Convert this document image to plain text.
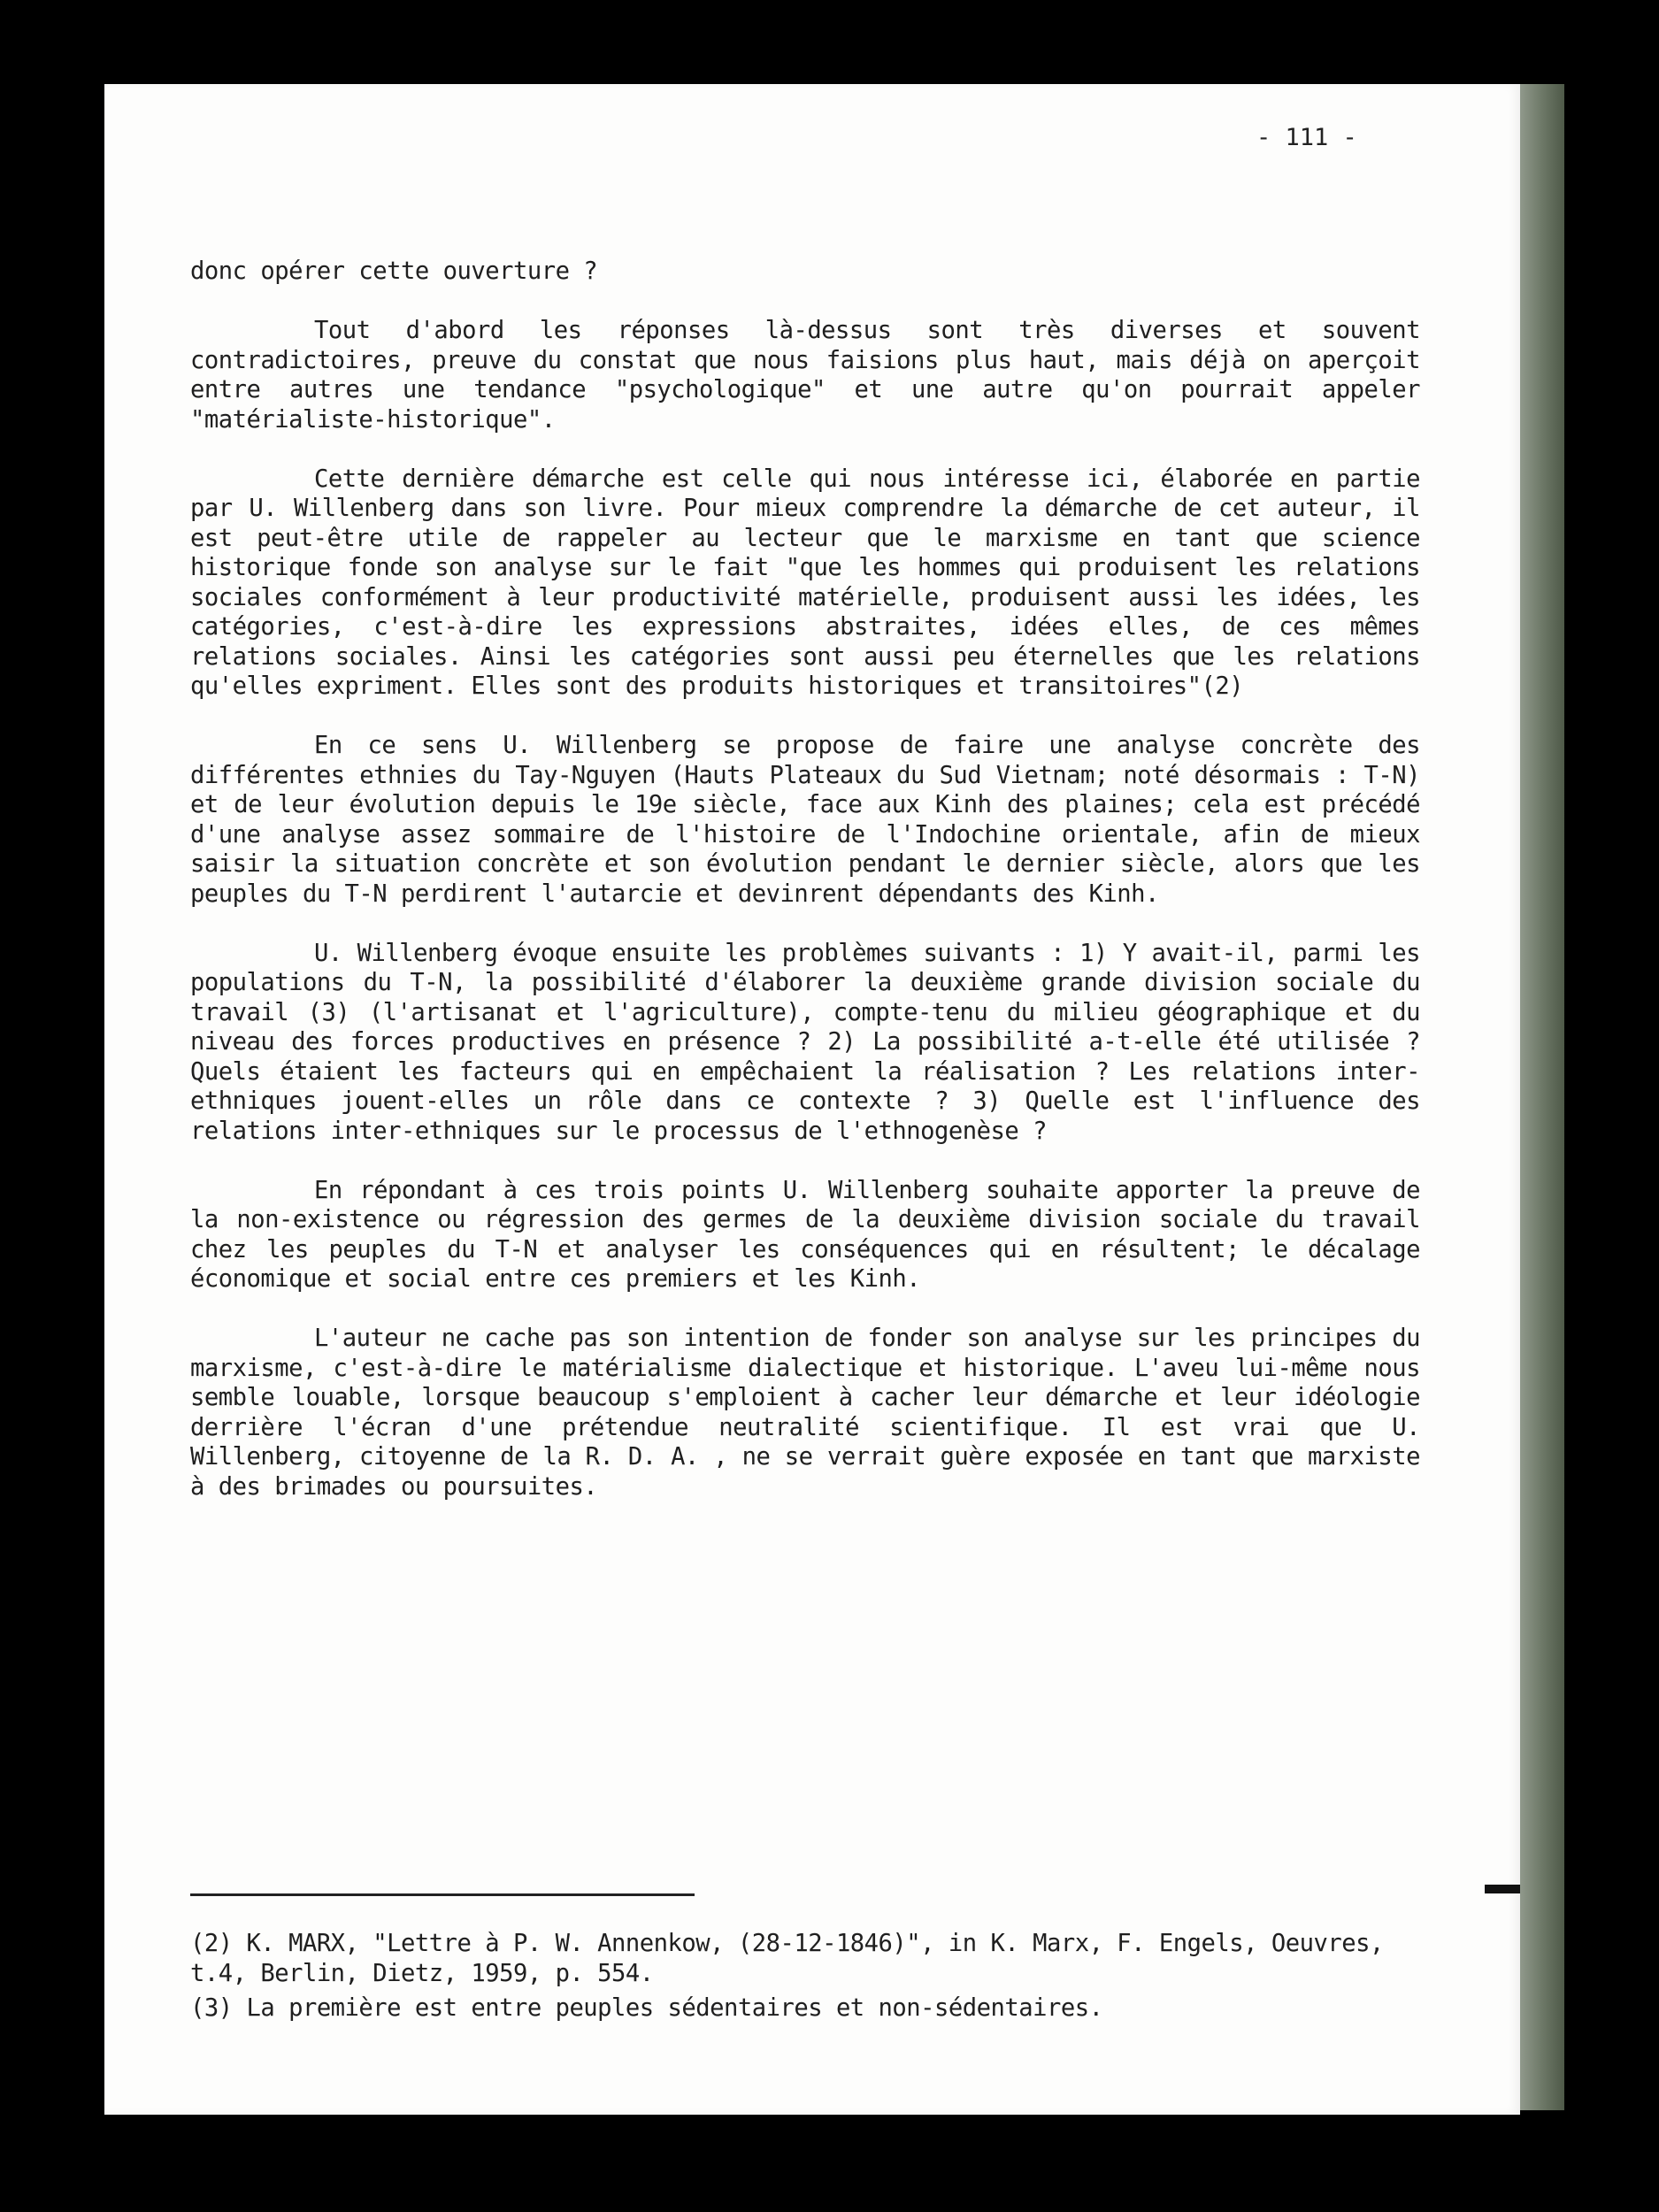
- 111 -

donc opérer cette ouverture ?

Tout d'abord les réponses là-dessus sont très diverses et souvent contradictoires, preuve du constat que nous faisions plus haut, mais déjà on aperçoit entre autres une tendance "psychologique" et une autre qu'on pourrait appeler "matérialiste-historique".

Cette dernière démarche est celle qui nous intéresse ici, élaborée en partie par U. Willenberg dans son livre. Pour mieux comprendre la démarche de cet auteur, il est peut-être utile de rappeler au lecteur que le marxisme en tant que science historique fonde son analyse sur le fait "que les hommes qui produisent les relations sociales conformément à leur productivité matérielle, produisent aussi les idées, les catégories, c'est-à-dire les expressions abstraites, idées elles, de ces mêmes relations sociales. Ainsi les catégories sont aussi peu éternelles que les relations qu'elles expriment. Elles sont des produits historiques et transitoires"(2)

En ce sens U. Willenberg se propose de faire une analyse concrète des différentes ethnies du Tay-Nguyen (Hauts Plateaux du Sud Vietnam; noté désormais : T-N) et de leur évolution depuis le 19e siècle, face aux Kinh des plaines; cela est précédé d'une analyse assez sommaire de l'histoire de l'Indochine orientale, afin de mieux saisir la situation concrète et son évolution pendant le dernier siècle, alors que les peuples du T-N perdirent l'autarcie et devinrent dépendants des Kinh.

U. Willenberg évoque ensuite les problèmes suivants : 1) Y avait-il, parmi les populations du T-N, la possibilité d'élaborer la deuxième grande division sociale du travail (3) (l'artisanat et l'agriculture), compte-tenu du milieu géographique et du niveau des forces productives en présence ? 2) La possibilité a-t-elle été utilisée ? Quels étaient les facteurs qui en empêchaient la réalisation ? Les relations inter-ethniques jouent-elles un rôle dans ce contexte ? 3) Quelle est l'influence des relations inter-ethniques sur le processus de l'ethnogenèse ?

En répondant à ces trois points U. Willenberg souhaite apporter la preuve de la non-existence ou régression des germes de la deuxième division sociale du travail chez les peuples du T-N et analyser les conséquences qui en résultent; le décalage économique et social entre ces premiers et les Kinh.

L'auteur ne cache pas son intention de fonder son analyse sur les principes du marxisme, c'est-à-dire le matérialisme dialectique et historique. L'aveu lui-même nous semble louable, lorsque beaucoup s'emploient à cacher leur démarche et leur idéologie derrière l'écran d'une prétendue neutralité scientifique. Il est vrai que U. Willenberg, citoyenne de la R. D. A. , ne se verrait guère exposée en tant que marxiste à des brimades ou poursuites.

(2) K. MARX, "Lettre à P. W. Annenkow, (28-12-1846)", in K. Marx, F. Engels, Oeuvres, t.4, Berlin, Dietz, 1959, p. 554.

(3) La première est entre peuples sédentaires et non-sédentaires.
